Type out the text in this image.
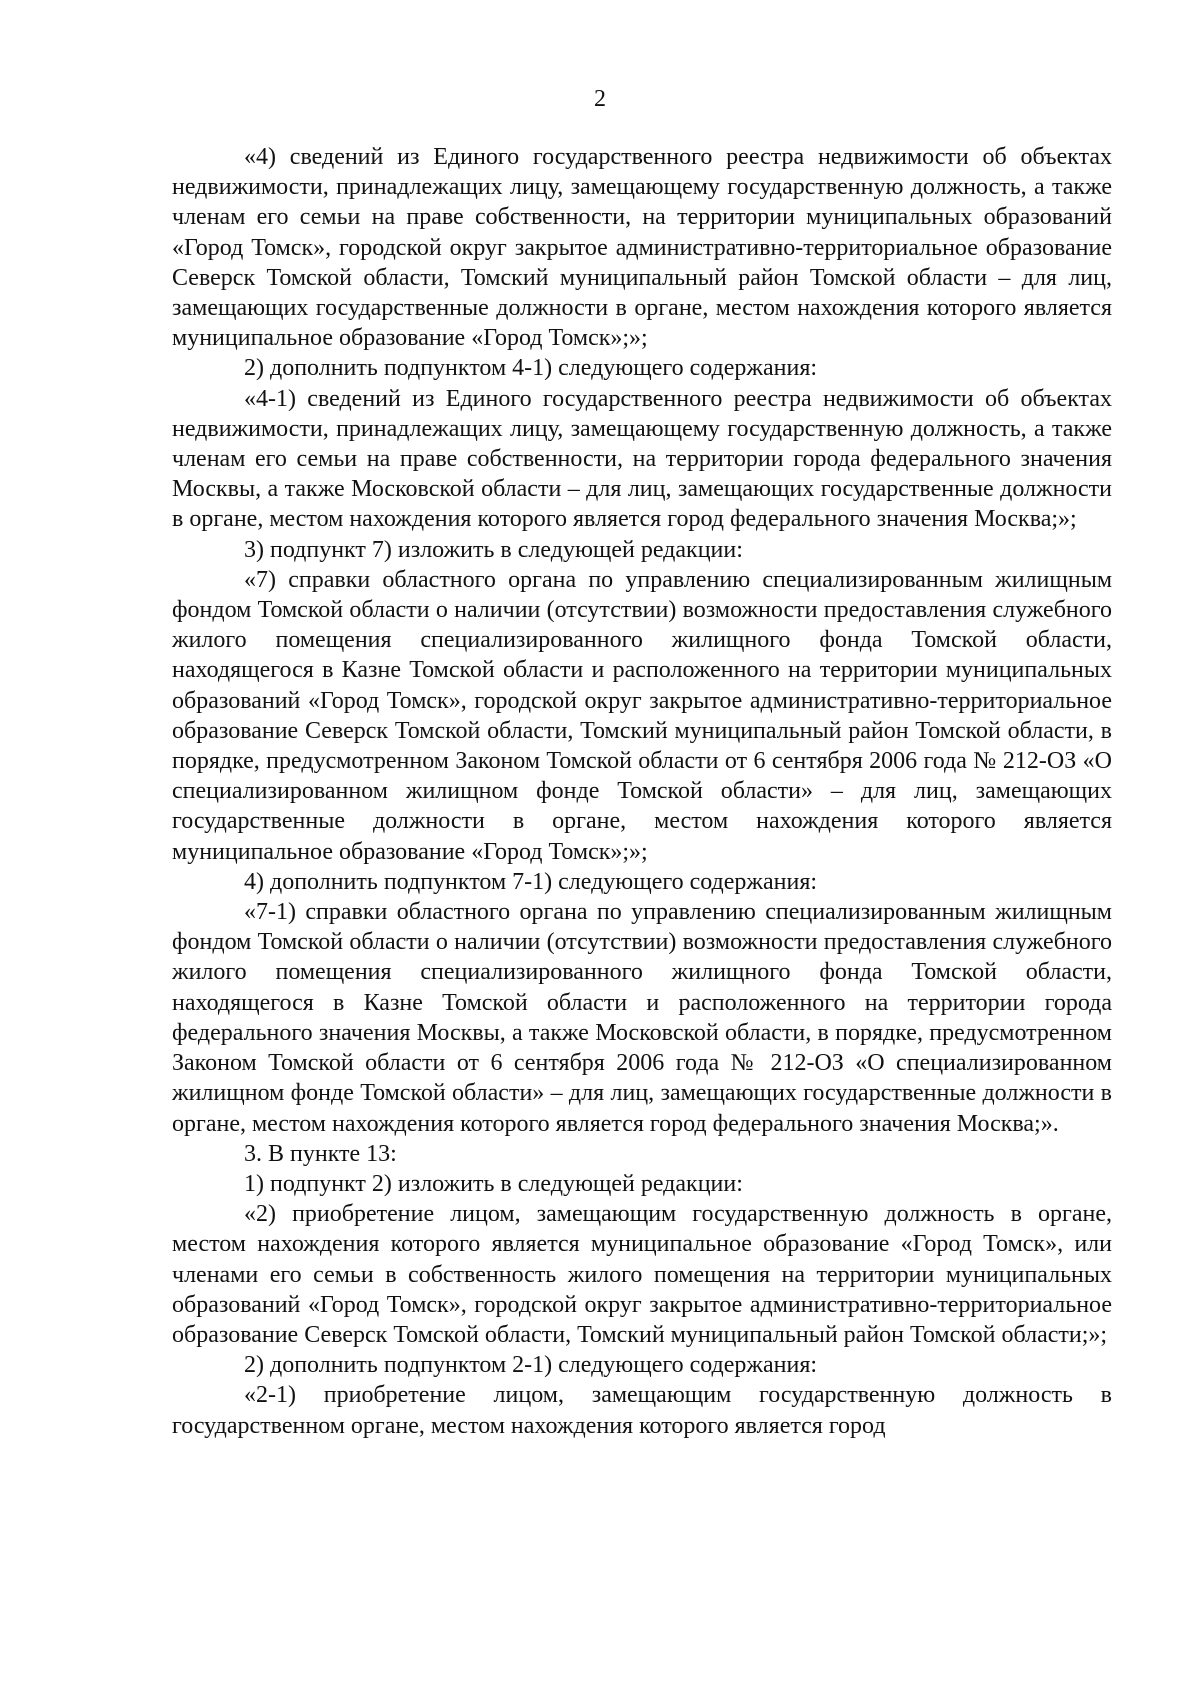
2

«4) сведений из Единого государственного реестра недвижимости об объектах недвижимости, принадлежащих лицу, замещающему государственную должность, а также членам его семьи на праве собственности, на территории муниципальных образований «Город Томск», городской округ закрытое административно-территориальное образование Северск Томской области, Томский муниципальный район Томской области – для лиц, замещающих государственные должности в органе, местом нахождения которого является муниципальное образование «Город Томск»;»;

2) дополнить подпунктом 4-1) следующего содержания:

«4-1) сведений из Единого государственного реестра недвижимости об объектах недвижимости, принадлежащих лицу, замещающему государственную должность, а также членам его семьи на праве собственности, на территории города федерального значения Москвы, а также Московской области – для лиц, замещающих государственные должности в органе, местом нахождения которого является город федерального значения Москва;»;

3) подпункт 7) изложить в следующей редакции:

«7) справки областного органа по управлению специализированным жилищным фондом Томской области о наличии (отсутствии) возможности предоставления служебного жилого помещения специализированного жилищного фонда Томской области, находящегося в Казне Томской области и расположенного на территории муниципальных образований «Город Томск», городской округ закрытое административно-территориальное образование Северск Томской области, Томский муниципальный район Томской области, в порядке, предусмотренном Законом Томской области от 6 сентября 2006 года № 212-ОЗ «О специализированном жилищном фонде Томской области» – для лиц, замещающих государственные должности в органе, местом нахождения которого является муниципальное образование «Город Томск»;»;

4) дополнить подпунктом 7-1) следующего содержания:

«7-1) справки областного органа по управлению специализированным жилищным фондом Томской области о наличии (отсутствии) возможности предоставления служебного жилого помещения специализированного жилищного фонда Томской области, находящегося в Казне Томской области и расположенного на территории города федерального значения Москвы, а также Московской области, в порядке, предусмотренном Законом Томской области от 6 сентября 2006 года № 212-ОЗ «О специализированном жилищном фонде Томской области» – для лиц, замещающих государственные должности в органе, местом нахождения которого является город федерального значения Москва;».

3. В пункте 13:

1) подпункт 2) изложить в следующей редакции:

«2) приобретение лицом, замещающим государственную должность в органе, местом нахождения которого является муниципальное образование «Город Томск», или членами его семьи в собственность жилого помещения на территории муниципальных образований «Город Томск», городской округ закрытое административно-территориальное образование Северск Томской области, Томский муниципальный район Томской области;»;

2) дополнить подпунктом 2-1) следующего содержания:

«2-1) приобретение лицом, замещающим государственную должность в государственном органе, местом нахождения которого является город
